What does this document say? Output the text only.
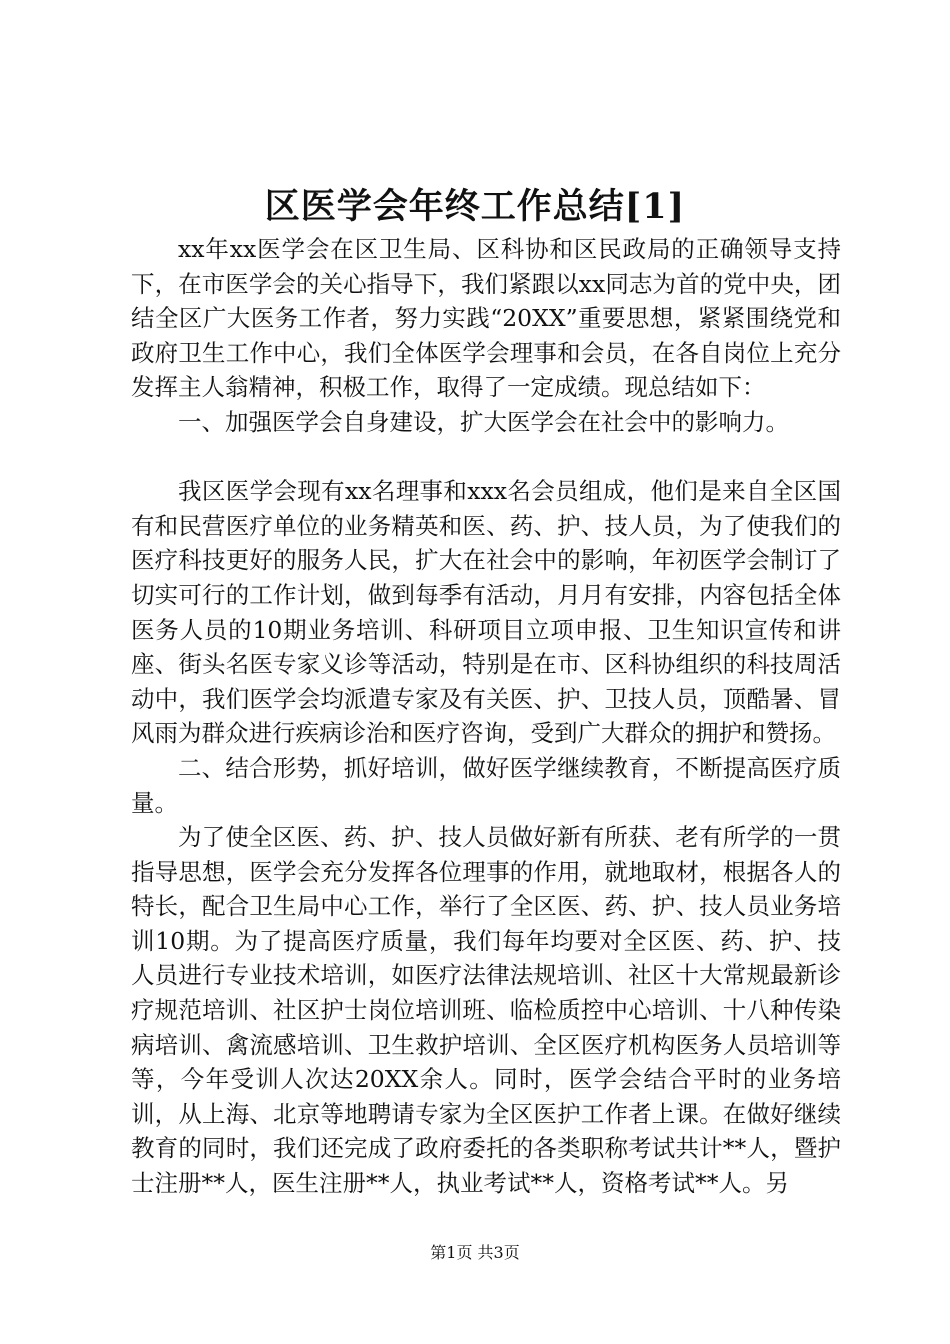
区医学会年终工作总结[1]

xx年xx医学会在区卫生局、区科协和区民政局的正确领导支持下，在市医学会的关心指导下，我们紧跟以xx同志为首的党中央，团结全区广大医务工作者，努力实践“20XX”重要思想，紧紧围绕党和政府卫生工作中心，我们全体医学会理事和会员，在各自岗位上充分发挥主人翁精神，积极工作，取得了一定成绩。现总结如下：

一、加强医学会自身建设，扩大医学会在社会中的影响力。

我区医学会现有xx名理事和xxx名会员组成，他们是来自全区国有和民营医疗单位的业务精英和医、药、护、技人员，为了使我们的医疗科技更好的服务人民，扩大在社会中的影响，年初医学会制订了切实可行的工作计划，做到每季有活动，月月有安排，内容包括全体医务人员的10期业务培训、科研项目立项申报、卫生知识宣传和讲座、街头名医专家义诊等活动，特别是在市、区科协组织的科技周活动中，我们医学会均派遣专家及有关医、护、卫技人员，顶酷暑、冒风雨为群众进行疾病诊治和医疗咨询，受到广大群众的拥护和赞扬。

二、结合形势，抓好培训，做好医学继续教育，不断提高医疗质量。

为了使全区医、药、护、技人员做好新有所获、老有所学的一贯指导思想，医学会充分发挥各位理事的作用，就地取材，根据各人的特长，配合卫生局中心工作，举行了全区医、药、护、技人员业务培训10期。为了提高医疗质量，我们每年均要对全区医、药、护、技人员进行专业技术培训，如医疗法律法规培训、社区十大常规最新诊疗规范培训、社区护士岗位培训班、临检质控中心培训、十八种传染病培训、禽流感培训、卫生救护培训、全区医疗机构医务人员培训等等，今年受训人次达20XX余人。同时，医学会结合平时的业务培训，从上海、北京等地聘请专家为全区医护工作者上课。在做好继续教育的同时，我们还完成了政府委托的各类职称考试共计**人，暨护士注册**人，医生注册**人，执业考试**人，资格考试**人。另

第1页 共3页
